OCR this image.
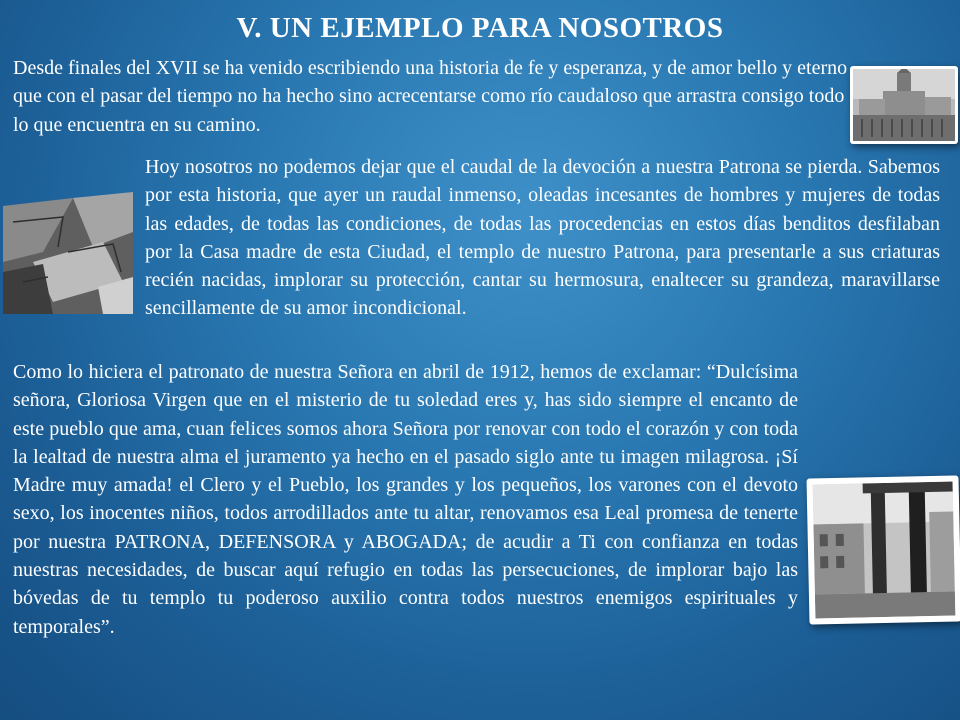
V. UN EJEMPLO PARA NOSOTROS

Desde finales del XVII se ha venido escribiendo una historia de fe y esperanza, y de amor bello y eterno que con el pasar del tiempo no ha hecho sino acrecentarse como río caudaloso que arrastra consigo todo lo que encuentra en su camino.

Hoy nosotros no podemos dejar que el caudal de la devoción a nuestra Patrona se pierda. Sabemos por esta historia, que ayer un raudal inmenso, oleadas incesantes de hombres y mujeres de todas las edades, de todas las condiciones, de todas las procedencias en estos días benditos desfilaban por la Casa madre de esta Ciudad, el templo de nuestro Patrona, para presentarle a sus criaturas recién nacidas, implorar su protección, cantar su hermosura, enaltecer su grandeza, maravillarse sencillamente de su amor incondicional.

Como lo hiciera el patronato de nuestra Señora en abril de 1912, hemos de exclamar: “Dulcísima señora, Gloriosa Virgen que en el misterio de tu soledad eres y, has sido siempre el encanto de este pueblo que ama, cuan felices somos ahora Señora por renovar con todo el corazón y con toda la lealtad de nuestra alma el juramento ya hecho en el pasado siglo ante tu imagen milagrosa. ¡Sí Madre muy amada! el Clero y el Pueblo, los grandes y los pequeños, los varones con el devoto sexo, los inocentes niños, todos arrodillados ante tu altar, renovamos esa Leal promesa de tenerte por nuestra PATRONA, DEFENSORA y ABOGADA; de acudir a Ti con confianza en todas nuestras necesidades, de buscar aquí refugio en todas las persecuciones, de implorar bajo las bóvedas de tu templo tu poderoso auxilio contra todos nuestros enemigos espirituales y temporales”.
